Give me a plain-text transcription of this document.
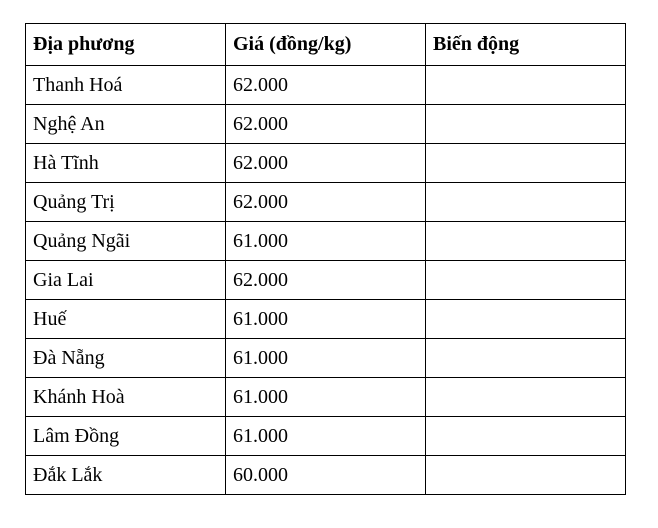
Địa phương	Giá (đồng/kg)	Biến động
Thanh Hoá	62.000	
Nghệ An	62.000	
Hà Tĩnh	62.000	
Quảng Trị	62.000	
Quảng Ngãi	61.000	
Gia Lai	62.000	
Huế	61.000	
Đà Nẵng	61.000	
Khánh Hoà	61.000	
Lâm Đồng	61.000	
Đắk Lắk	60.000	
